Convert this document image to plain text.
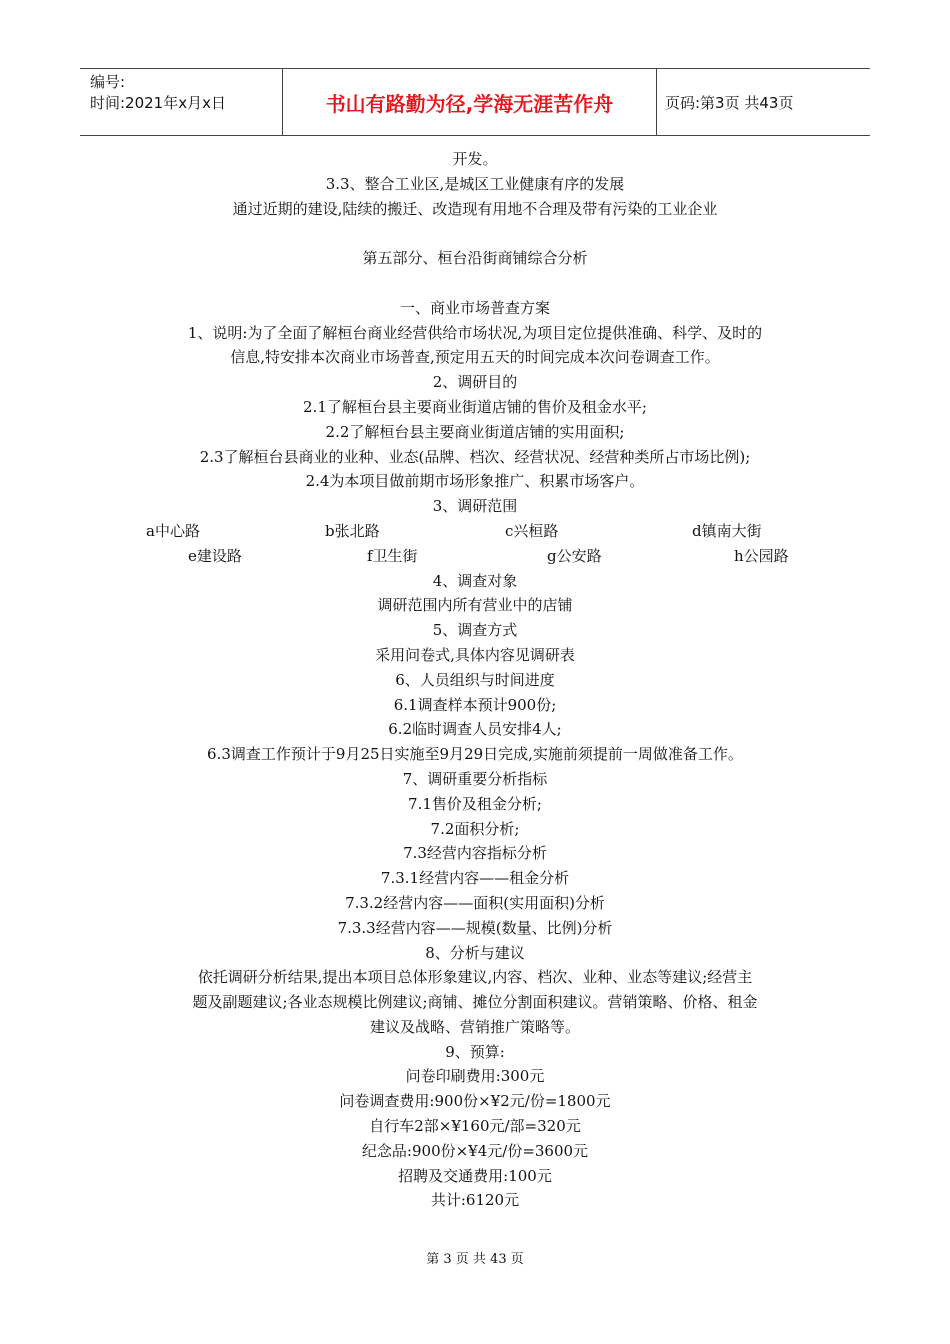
编号:
时间:2021年x月x日	书山有路勤为径,学海无涯苦作舟	页码:第3页 共43页
开发。
3.3、整合工业区,是城区工业健康有序的发展
通过近期的建设,陆续的搬迁、改造现有用地不合理及带有污染的工业企业
第五部分、桓台沿街商铺综合分析
一、商业市场普查方案
1、说明:为了全面了解桓台商业经营供给市场状况,为项目定位提供准确、科学、及时的
信息,特安排本次商业市场普查,预定用五天的时间完成本次问卷调查工作。
2、调研目的
2.1了解桓台县主要商业街道店铺的售价及租金水平;
2.2了解桓台县主要商业街道店铺的实用面积;
2.3了解桓台县商业的业种、业态(品牌、档次、经营状况、经营种类所占市场比例);
2.4为本项目做前期市场形象推广、积累市场客户。
3、调研范围
a中心路	b张北路	c兴桓路	d镇南大街
e建设路	f卫生街	g公安路	h公园路
4、调查对象
调研范围内所有营业中的店铺
5、调查方式
采用问卷式,具体内容见调研表
6、人员组织与时间进度
6.1调查样本预计900份;
6.2临时调查人员安排4人;
6.3调查工作预计于9月25日实施至9月29日完成,实施前须提前一周做准备工作。
7、调研重要分析指标
7.1售价及租金分析;
7.2面积分析;
7.3经营内容指标分析
7.3.1经营内容——租金分析
7.3.2经营内容——面积(实用面积)分析
7.3.3经营内容——规模(数量、比例)分析
8、分析与建议
依托调研分析结果,提出本项目总体形象建议,内容、档次、业种、业态等建议;经营主
题及副题建议;各业态规模比例建议;商铺、摊位分割面积建议。营销策略、价格、租金
建议及战略、营销推广策略等。
9、预算:
问卷印刷费用:300元
问卷调查费用:900份×¥2元/份=1800元
自行车2部×¥160元/部=320元
纪念品:900份×¥4元/份=3600元
招聘及交通费用:100元
共计:6120元
第 3 页 共 43 页
